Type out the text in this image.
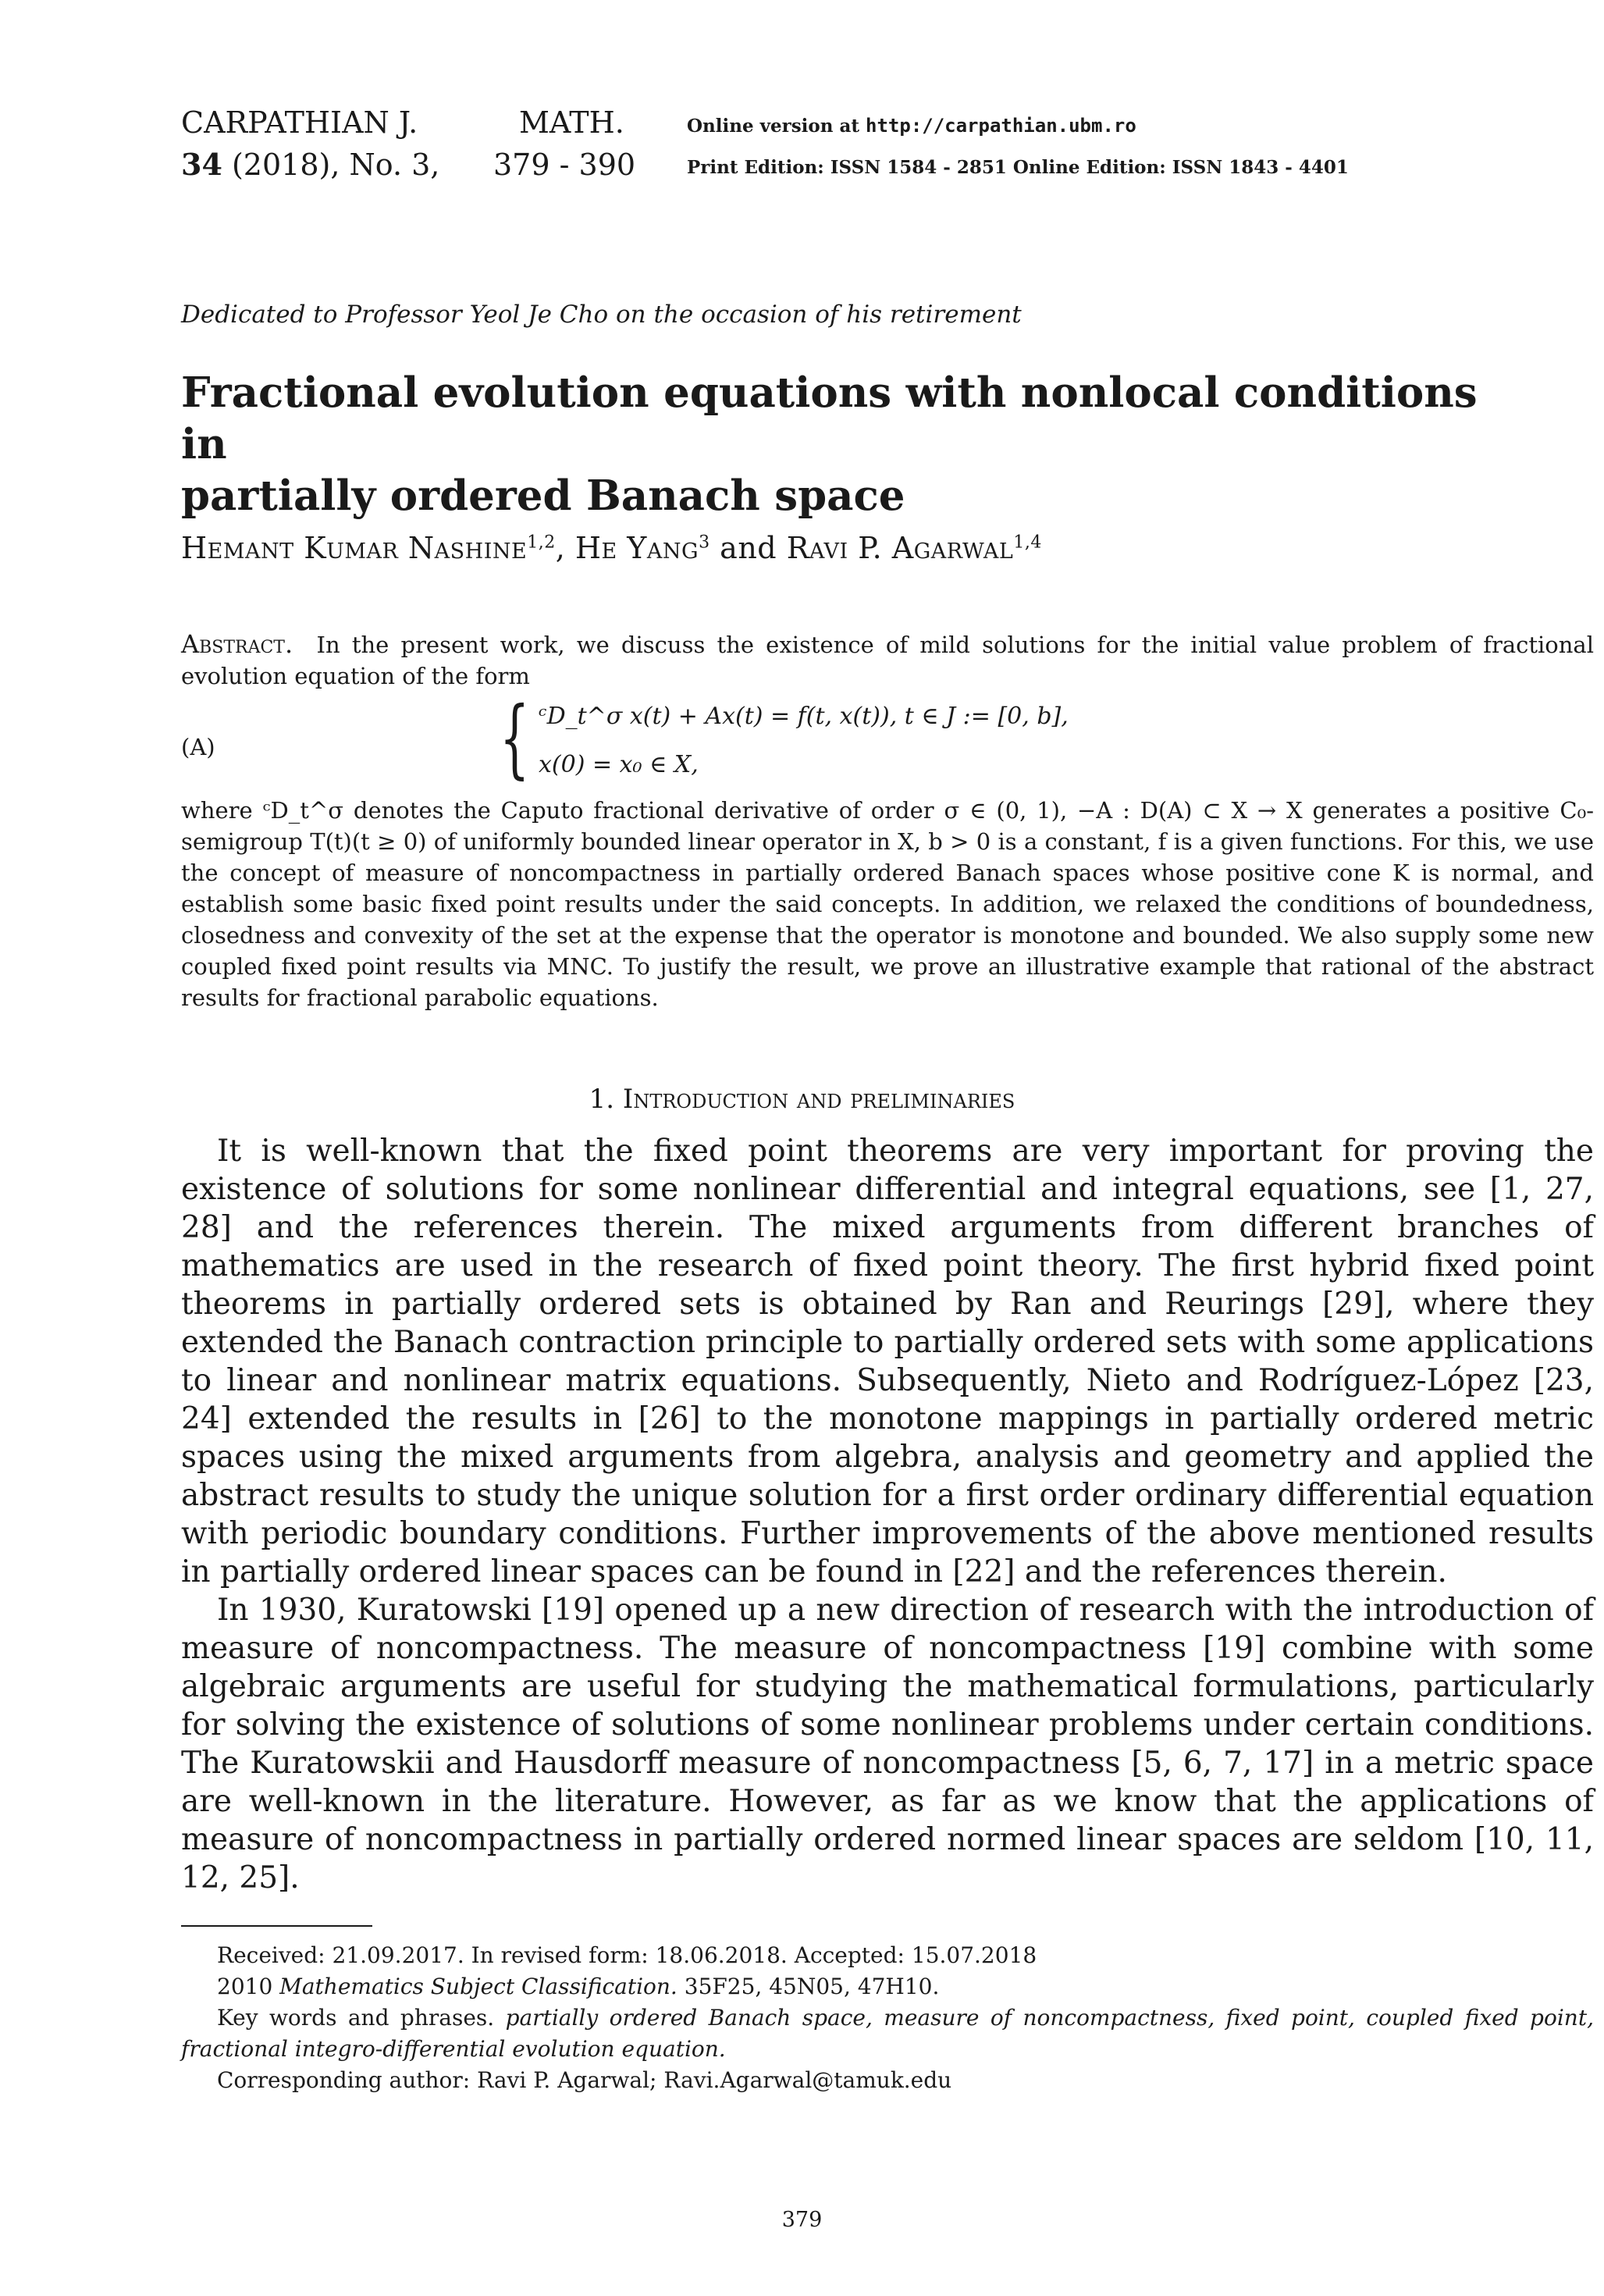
CARPATHIAN J.	MATH.
34 (2018), No. 3, 379 - 390
Online version at http://carpathian.ubm.ro
Print Edition: ISSN 1584 - 2851 Online Edition: ISSN 1843 - 4401
Dedicated to Professor Yeol Je Cho on the occasion of his retirement
Fractional evolution equations with nonlocal conditions in
partially ordered Banach space
Hemant Kumar Nashine$^{1,2}$, He Yang$^3$ and Ravi P. Agarwal$^{1,4}$

Abstract. In the present work, we discuss the existence of mild solutions for the initial value problem of fractional evolution equation of the form

(A)	{ ᶜD_t^σ x(t) + Ax(t) = f(t, x(t)), t ∈ J := [0, b],
x(0) = x₀ ∈ X,

where ᶜD_t^σ denotes the Caputo fractional derivative of order σ ∈ (0, 1), −A : D(A) ⊂ X → X generates a positive C₀-semigroup T(t)(t ≥ 0) of uniformly bounded linear operator in X, b > 0 is a constant, f is a given functions. For this, we use the concept of measure of noncompactness in partially ordered Banach spaces whose positive cone K is normal, and establish some basic fixed point results under the said concepts. In addition, we relaxed the conditions of boundedness, closedness and convexity of the set at the expense that the operator is monotone and bounded. We also supply some new coupled fixed point results via MNC. To justify the result, we prove an illustrative example that rational of the abstract results for fractional parabolic equations.

1. Introduction and preliminaries

It is well-known that the fixed point theorems are very important for proving the existence of solutions for some nonlinear differential and integral equations, see [1, 27, 28] and the references therein. The mixed arguments from different branches of mathematics are used in the research of fixed point theory. The first hybrid fixed point theorems in partially ordered sets is obtained by Ran and Reurings [29], where they extended the Banach contraction principle to partially ordered sets with some applications to linear and nonlinear matrix equations. Subsequently, Nieto and Rodríguez-López [23, 24] extended the results in [26] to the monotone mappings in partially ordered metric spaces using the mixed arguments from algebra, analysis and geometry and applied the abstract results to study the unique solution for a first order ordinary differential equation with periodic boundary conditions. Further improvements of the above mentioned results in partially ordered linear spaces can be found in [22] and the references therein.

In 1930, Kuratowski [19] opened up a new direction of research with the introduction of measure of noncompactness. The measure of noncompactness [19] combine with some algebraic arguments are useful for studying the mathematical formulations, particularly for solving the existence of solutions of some nonlinear problems under certain conditions. The Kuratowskii and Hausdorff measure of noncompactness [5, 6, 7, 17] in a metric space are well-known in the literature. However, as far as we know that the applications of measure of noncompactness in partially ordered normed linear spaces are seldom [10, 11, 12, 25].

Received: 21.09.2017. In revised form: 18.06.2018. Accepted: 15.07.2018

2010 Mathematics Subject Classification. 35F25, 45N05, 47H10.

Key words and phrases. partially ordered Banach space, measure of noncompactness, fixed point, coupled fixed point, fractional integro-differential evolution equation.

Corresponding author: Ravi P. Agarwal; Ravi.Agarwal@tamuk.edu

379
